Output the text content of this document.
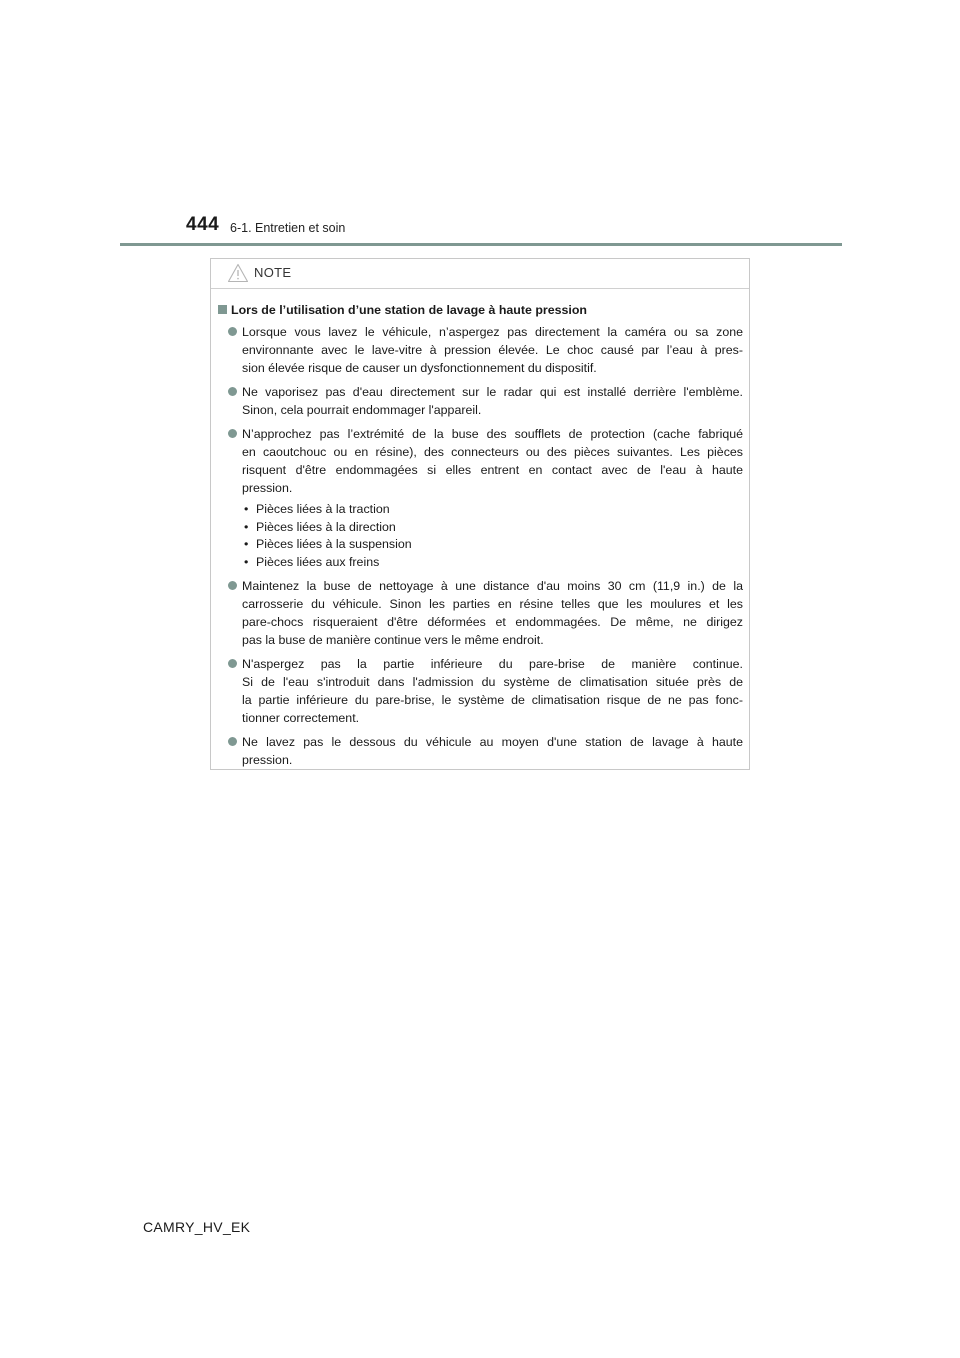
444 6-1. Entretien et soin
NOTE
Lors de l’utilisation d’une station de lavage à haute pression
Lorsque vous lavez le véhicule, n’aspergez pas directement la caméra ou sa zone
environnante avec le lave-vitre à pression élevée. Le choc causé par l’eau à pres-
sion élevée risque de causer un dysfonctionnement du dispositif.
Ne vaporisez pas d'eau directement sur le radar qui est installé derrière l'emblème.
Sinon, cela pourrait endommager l'appareil.
N’approchez pas l’extrémité de la buse des soufflets de protection (cache fabriqué
en caoutchouc ou en résine), des connecteurs ou des pièces suivantes. Les pièces
risquent d'être endommagées si elles entrent en contact avec de l'eau à haute
pression.
• Pièces liées à la traction
• Pièces liées à la direction
• Pièces liées à la suspension
• Pièces liées aux freins
Maintenez la buse de nettoyage à une distance d'au moins 30 cm (11,9 in.) de la
carrosserie du véhicule. Sinon les parties en résine telles que les moulures et les
pare-chocs risqueraient d'être déformées et endommagées. De même, ne dirigez
pas la buse de manière continue vers le même endroit.
N'aspergez pas la partie inférieure du pare-brise de manière continue.
Si de l'eau s'introduit dans l'admission du système de climatisation située près de
la partie inférieure du pare-brise, le système de climatisation risque de ne pas fonc-
tionner correctement.
Ne lavez pas le dessous du véhicule au moyen d'une station de lavage à haute
pression.
CAMRY_HV_EK
